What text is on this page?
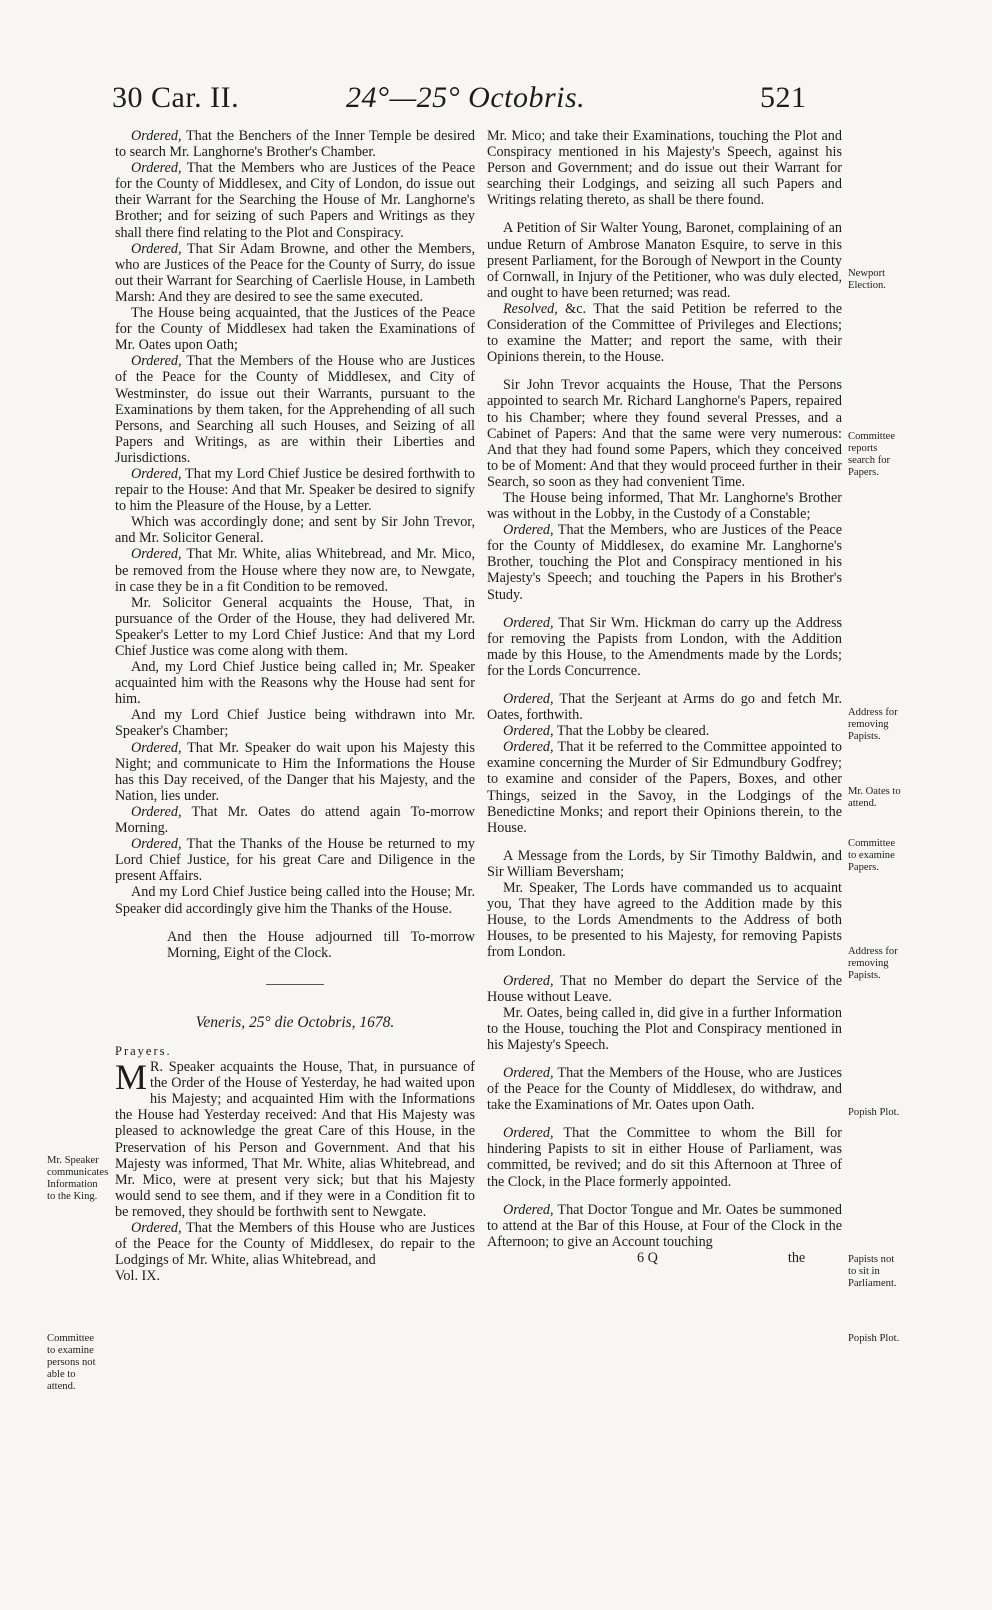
30 Car. II.	24°—25° Octobris.	521

Ordered, That the Benchers of the Inner Temple be desired to search Mr. Langhorne's Brother's Chamber.

Ordered, That the Members who are Justices of the Peace for the County of Middlesex, and City of London, do issue out their Warrant for the Searching the House of Mr. Langhorne's Brother; and for seizing of such Papers and Writings as they shall there find relating to the Plot and Conspiracy.

Ordered, That Sir Adam Browne, and other the Members, who are Justices of the Peace for the County of Surry, do issue out their Warrant for Searching of Caerlisle House, in Lambeth Marsh: And they are desired to see the same executed.

The House being acquainted, that the Justices of the Peace for the County of Middlesex had taken the Examinations of Mr. Oates upon Oath;

Ordered, That the Members of the House who are Justices of the Peace for the County of Middlesex, and City of Westminster, do issue out their Warrants, pursuant to the Examinations by them taken, for the Apprehending of all such Persons, and Searching all such Houses, and Seizing of all Papers and Writings, as are within their Liberties and Jurisdictions.

Ordered, That my Lord Chief Justice be desired forthwith to repair to the House: And that Mr. Speaker be desired to signify to him the Pleasure of the House, by a Letter.

Which was accordingly done; and sent by Sir John Trevor, and Mr. Solicitor General.

Ordered, That Mr. White, alias Whitebread, and Mr. Mico, be removed from the House where they now are, to Newgate, in case they be in a fit Condition to be removed.

Mr. Solicitor General acquaints the House, That, in pursuance of the Order of the House, they had delivered Mr. Speaker's Letter to my Lord Chief Justice: And that my Lord Chief Justice was come along with them.

And, my Lord Chief Justice being called in; Mr. Speaker acquainted him with the Reasons why the House had sent for him.

And my Lord Chief Justice being withdrawn into Mr. Speaker's Chamber;

Ordered, That Mr. Speaker do wait upon his Majesty this Night; and communicate to Him the Informations the House has this Day received, of the Danger that his Majesty, and the Nation, lies under.

Ordered, That Mr. Oates do attend again To-morrow Morning.

Ordered, That the Thanks of the House be returned to my Lord Chief Justice, for his great Care and Diligence in the present Affairs.

And my Lord Chief Justice being called into the House; Mr. Speaker did accordingly give him the Thanks of the House.

And then the House adjourned till To-morrow Morning, Eight of the Clock.

Veneris, 25° die Octobris, 1678.

Prayers.

M R. Speaker acquaints the House, That, in pursuance of the Order of the House of Yesterday, he had waited upon his Majesty; and acquainted Him with the Informations the House had Yesterday received: And that His Majesty was pleased to acknowledge the great Care of this House, in the Preservation of his Person and Government. And that his Majesty was informed, That Mr. White, alias Whitebread, and Mr. Mico, were at present very sick; but that his Majesty would send to see them, and if they were in a Condition fit to be removed, they should be forthwith sent to Newgate.

Ordered, That the Members of this House who are Justices of the Peace for the County of Middlesex, do repair to the Lodgings of Mr. White, alias Whitebread, and

Vol. IX.

Mr. Mico; and take their Examinations, touching the Plot and Conspiracy mentioned in his Majesty's Speech, against his Person and Government; and do issue out their Warrant for searching their Lodgings, and seizing all such Papers and Writings relating thereto, as shall be there found.

A Petition of Sir Walter Young, Baronet, complaining of an undue Return of Ambrose Manaton Esquire, to serve in this present Parliament, for the Borough of Newport in the County of Cornwall, in Injury of the Petitioner, who was duly elected, and ought to have been returned; was read.

Resolved, &c. That the said Petition be referred to the Consideration of the Committee of Privileges and Elections; to examine the Matter; and report the same, with their Opinions therein, to the House.

Sir John Trevor acquaints the House, That the Persons appointed to search Mr. Richard Langhorne's Papers, repaired to his Chamber; where they found several Presses, and a Cabinet of Papers: And that the same were very numerous: And that they had found some Papers, which they conceived to be of Moment: And that they would proceed further in their Search, so soon as they had convenient Time.

The House being informed, That Mr. Langhorne's Brother was without in the Lobby, in the Custody of a Constable;

Ordered, That the Members, who are Justices of the Peace for the County of Middlesex, do examine Mr. Langhorne's Brother, touching the Plot and Conspiracy mentioned in his Majesty's Speech; and touching the Papers in his Brother's Study.

Ordered, That Sir Wm. Hickman do carry up the Address for removing the Papists from London, with the Addition made by this House, to the Amendments made by the Lords; for the Lords Concurrence.

Ordered, That the Serjeant at Arms do go and fetch Mr. Oates, forthwith.

Ordered, That the Lobby be cleared.

Ordered, That it be referred to the Committee appointed to examine concerning the Murder of Sir Edmundbury Godfrey; to examine and consider of the Papers, Boxes, and other Things, seized in the Savoy, in the Lodgings of the Benedictine Monks; and report their Opinions therein, to the House.

A Message from the Lords, by Sir Timothy Baldwin, and Sir William Beversham;

Mr. Speaker, The Lords have commanded us to acquaint you, That they have agreed to the Addition made by this House, to the Lords Amendments to the Address of both Houses, to be presented to his Majesty, for removing Papists from London.

Ordered, That no Member do depart the Service of the House without Leave.

Mr. Oates, being called in, did give in a further Information to the House, touching the Plot and Conspiracy mentioned in his Majesty's Speech.

Ordered, That the Members of the House, who are Justices of the Peace for the County of Middlesex, do withdraw, and take the Examinations of Mr. Oates upon Oath.

Ordered, That the Committee to whom the Bill for hindering Papists to sit in either House of Parliament, was committed, be revived; and do sit this Afternoon at Three of the Clock, in the Place formerly appointed.

Ordered, That Doctor Tongue and Mr. Oates be summoned to attend at the Bar of this House, at Four of the Clock in the Afternoon; to give an Account touching

6 Q	the

Mr. Speaker
communicates Information
to the King.
Committee
to examine
persons not
able to
attend.
Newport
Election.
Committee
reports
search for
Papers.
Address for
removing
Papists.
Mr. Oates to
attend.
Committee
to examine
Papers.
Address for
removing
Papists.
Popish Plot.
Papists not
to sit in Parliament.
Popish Plot.
